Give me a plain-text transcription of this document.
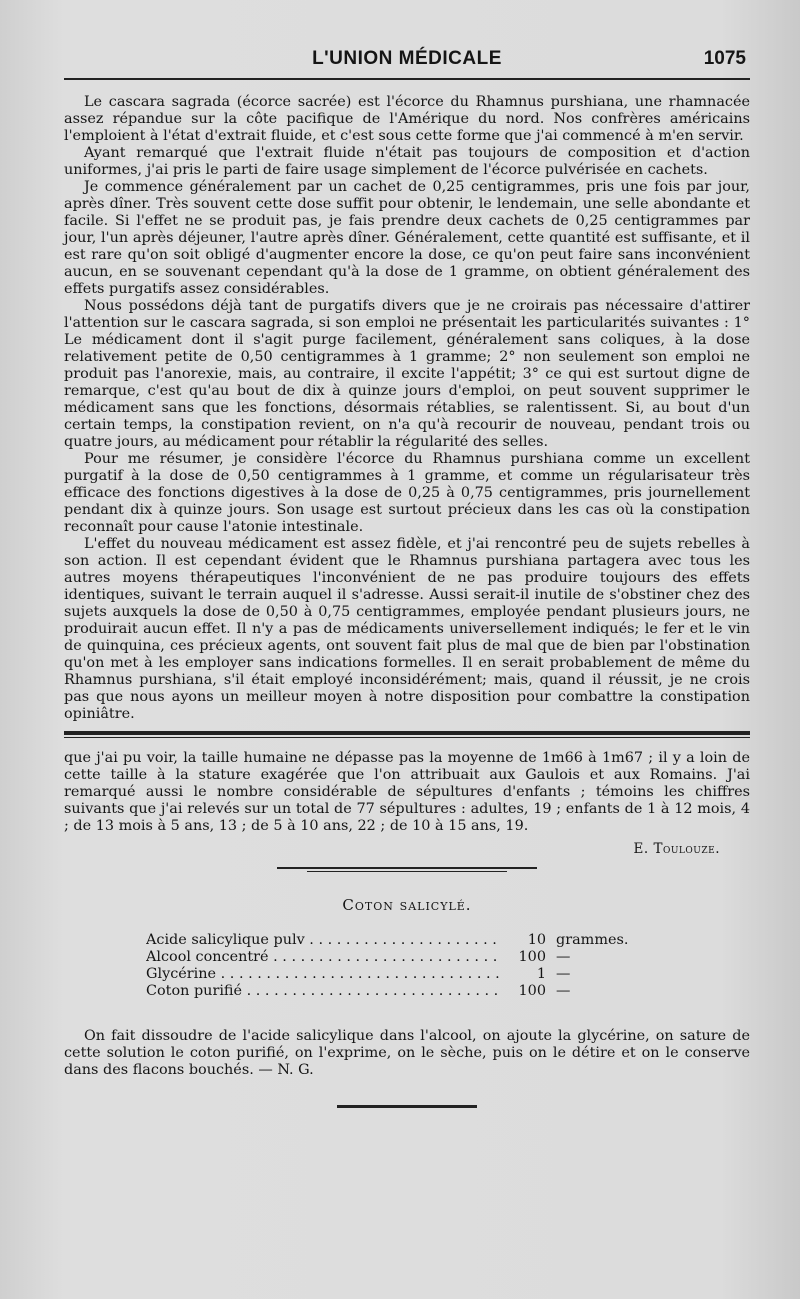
L'UNION MÉDICALE	1075

Le cascara sagrada (écorce sacrée) est l'écorce du Rhamnus purshiana, une rhamnacée assez répandue sur la côte pacifique de l'Amérique du nord. Nos confrères américains l'emploient à l'état d'extrait fluide, et c'est sous cette forme que j'ai commencé à m'en servir.

Ayant remarqué que l'extrait fluide n'était pas toujours de composition et d'action uniformes, j'ai pris le parti de faire usage simplement de l'écorce pulvérisée en cachets.

Je commence généralement par un cachet de 0,25 centigrammes, pris une fois par jour, après dîner. Très souvent cette dose suffit pour obtenir, le lendemain, une selle abondante et facile. Si l'effet ne se produit pas, je fais prendre deux cachets de 0,25 centigrammes par jour, l'un après déjeuner, l'autre après dîner. Généralement, cette quantité est suffisante, et il est rare qu'on soit obligé d'augmenter encore la dose, ce qu'on peut faire sans inconvénient aucun, en se souvenant cependant qu'à la dose de 1 gramme, on obtient généralement des effets purgatifs assez considérables.

Nous possédons déjà tant de purgatifs divers que je ne croirais pas nécessaire d'attirer l'attention sur le cascara sagrada, si son emploi ne présentait les particularités suivantes : 1° Le médicament dont il s'agit purge facilement, généralement sans coliques, à la dose relativement petite de 0,50 centigrammes à 1 gramme; 2° non seulement son emploi ne produit pas l'anorexie, mais, au contraire, il excite l'appétit; 3° ce qui est surtout digne de remarque, c'est qu'au bout de dix à quinze jours d'emploi, on peut souvent supprimer le médicament sans que les fonctions, désormais rétablies, se ralentissent. Si, au bout d'un certain temps, la constipation revient, on n'a qu'à recourir de nouveau, pendant trois ou quatre jours, au médicament pour rétablir la régularité des selles.

Pour me résumer, je considère l'écorce du Rhamnus purshiana comme un excellent purgatif à la dose de 0,50 centigrammes à 1 gramme, et comme un régularisateur très efficace des fonctions digestives à la dose de 0,25 à 0,75 centigrammes, pris journellement pendant dix à quinze jours. Son usage est surtout précieux dans les cas où la constipation reconnaît pour cause l'atonie intestinale.

L'effet du nouveau médicament est assez fidèle, et j'ai rencontré peu de sujets rebelles à son action. Il est cependant évident que le Rhamnus purshiana partagera avec tous les autres moyens thérapeutiques l'inconvénient de ne pas produire toujours des effets identiques, suivant le terrain auquel il s'adresse. Aussi serait-il inutile de s'obstiner chez des sujets auxquels la dose de 0,50 à 0,75 centigrammes, employée pendant plusieurs jours, ne produirait aucun effet. Il n'y a pas de médicaments universellement indiqués; le fer et le vin de quinquina, ces précieux agents, ont souvent fait plus de mal que de bien par l'obstination qu'on met à les employer sans indications formelles. Il en serait probablement de même du Rhamnus purshiana, s'il était employé inconsidérément; mais, quand il réussit, je ne crois pas que nous ayons un meilleur moyen à notre disposition pour combattre la constipation opiniâtre.

que j'ai pu voir, la taille humaine ne dépasse pas la moyenne de 1m66 à 1m67 ; il y a loin de cette taille à la stature exagérée que l'on attribuait aux Gaulois et aux Romains. J'ai remarqué aussi le nombre considérable de sépultures d'enfants ; témoins les chiffres suivants que j'ai relevés sur un total de 77 sépultures : adultes, 19 ; enfants de 1 à 12 mois, 4 ; de 13 mois à 5 ans, 13 ; de 5 à 10 ans, 22 ; de 10 à 15 ans, 19.

E. Toulouze.
Coton salicylé.
Acide salicylique pulv . . .	10 grammes.
Alcool concentré . . .	100 —
Glycérine . . .	1 —
Coton purifié . . .	100 —

On fait dissoudre de l'acide salicylique dans l'alcool, on ajoute la glycérine, on sature de cette solution le coton purifié, on l'exprime, on le sèche, puis on le détire et on le conserve dans des flacons bouchés. — N. G.
